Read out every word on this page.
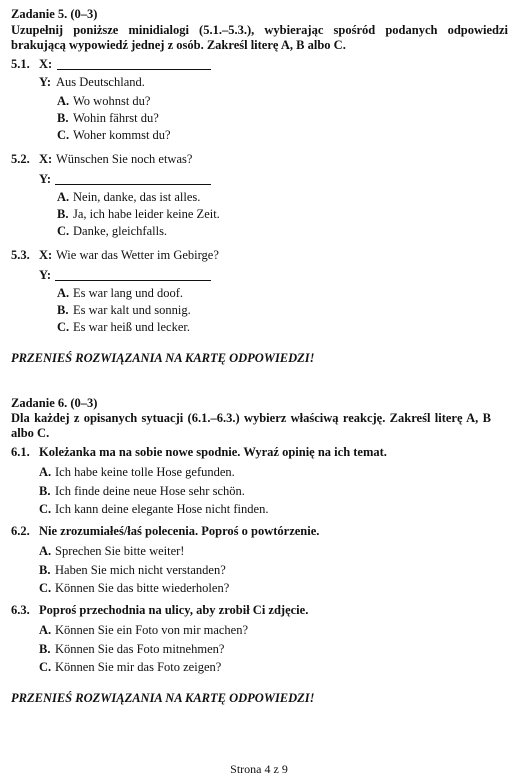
Zadanie 5. (0–3)
Uzupełnij poniższe minidialogi (5.1.–5.3.), wybierając spośród podanych odpowiedzi
brakującą wypowiedź jednej z osób. Zakreśl literę A, B albo C.
5.1. X:
Y: Aus Deutschland.
A. Wo wohnst du?
B. Wohin fährst du?
C. Woher kommst du?
5.2. X: Wünschen Sie noch etwas?
Y:
A. Nein, danke, das ist alles.
B. Ja, ich habe leider keine Zeit.
C. Danke, gleichfalls.
5.3. X: Wie war das Wetter im Gebirge?
Y:
A. Es war lang und doof.
B. Es war kalt und sonnig.
C. Es war heiß und lecker.
PRZENIEŚ ROZWIĄZANIA NA KARTĘ ODPOWIEDZI!
Zadanie 6. (0–3)
Dla każdej z opisanych sytuacji (6.1.–6.3.) wybierz właściwą reakcję. Zakreśl literę A, B
albo C.
6.1. Koleżanka ma na sobie nowe spodnie. Wyraź opinię na ich temat.
A. Ich habe keine tolle Hose gefunden.
B. Ich finde deine neue Hose sehr schön.
C. Ich kann deine elegante Hose nicht finden.
6.2. Nie zrozumiałeś/łaś polecenia. Poproś o powtórzenie.
A. Sprechen Sie bitte weiter!
B. Haben Sie mich nicht verstanden?
C. Können Sie das bitte wiederholen?
6.3. Poproś przechodnia na ulicy, aby zrobił Ci zdjęcie.
A. Können Sie ein Foto von mir machen?
B. Können Sie das Foto mitnehmen?
C. Können Sie mir das Foto zeigen?
PRZENIEŚ ROZWIĄZANIA NA KARTĘ ODPOWIEDZI!
Strona 4 z 9
